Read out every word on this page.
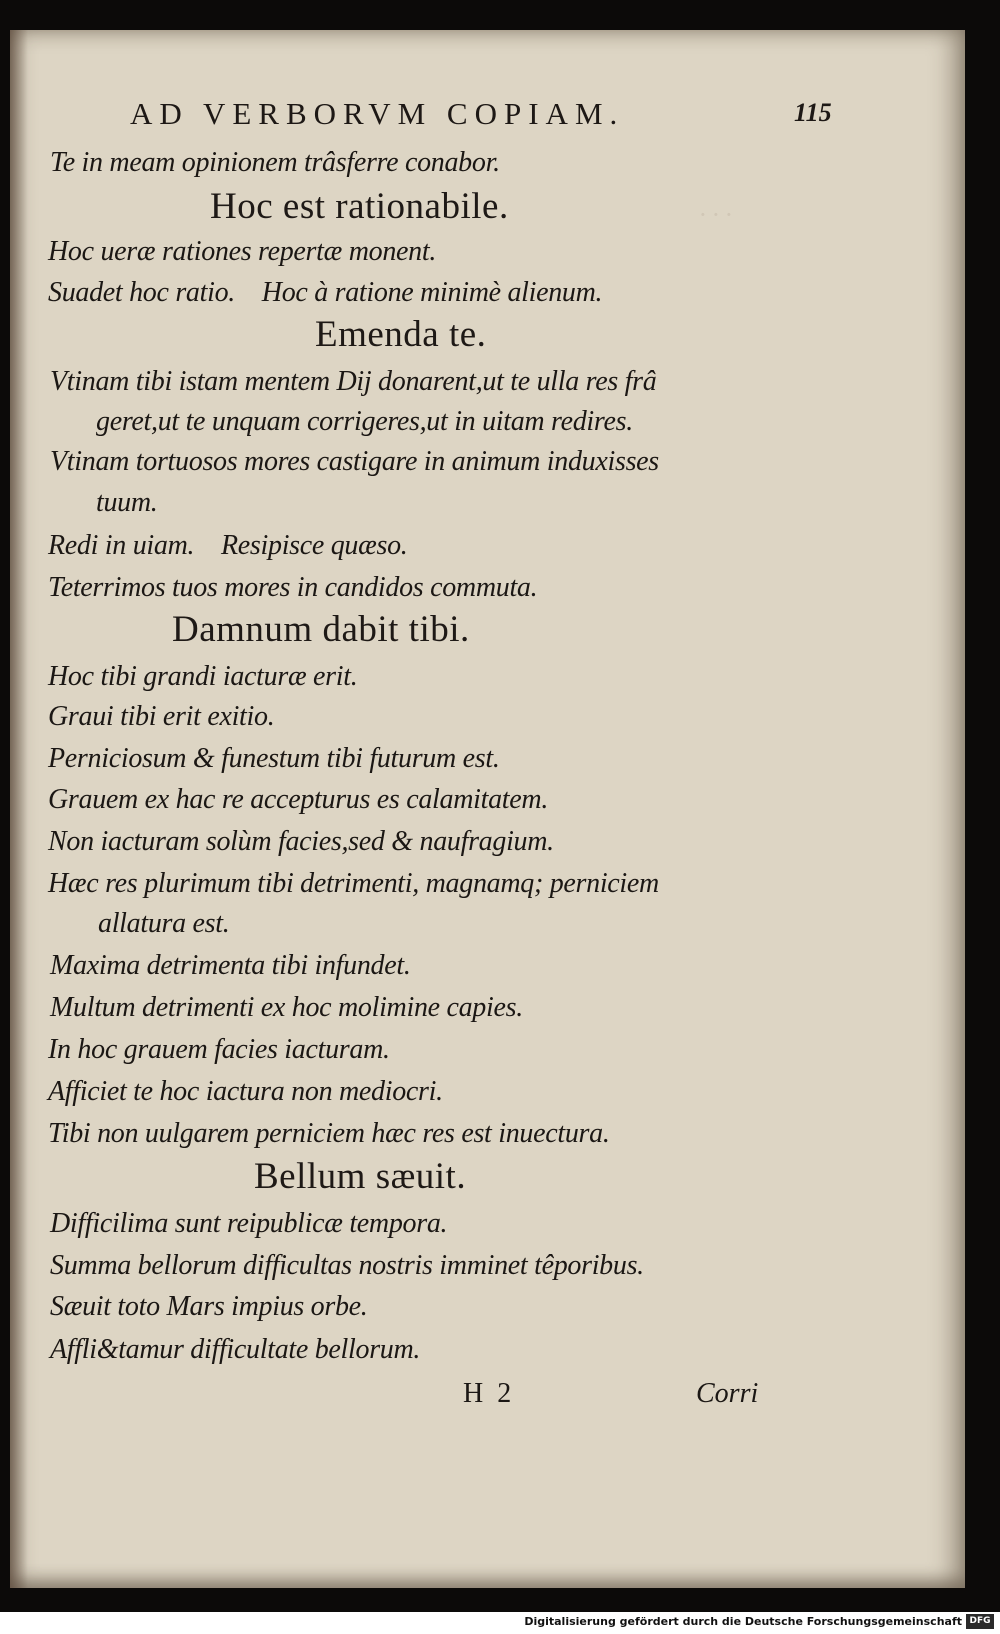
· · ·
AD VERBORVM COPIAM.	115
Te in meam opinionem trâsferre conabor.
Hoc est rationabile.
Hoc ueræ rationes repertæ monent.
Suadet hoc ratio.    Hoc à ratione minimè alienum.
Emenda te.
Vtinam tibi istam mentem Dij donarent,ut te ulla res frâ
geret,ut te unquam corrigeres,ut in uitam redires.
Vtinam tortuosos mores castigare in animum induxisses
tuum.
Redi in uiam.    Resipisce quæso.
Teterrimos tuos mores in candidos commuta.
Damnum dabit tibi.
Hoc tibi grandi iacturæ erit.
Graui tibi erit exitio.
Perniciosum & funestum tibi futurum est.
Grauem ex hac re accepturus es calamitatem.
Non iacturam solùm facies,sed & naufragium.
Hæc res plurimum tibi detrimenti, magnamq; perniciem
allatura est.
Maxima detrimenta tibi infundet.
Multum detrimenti ex hoc molimine capies.
In hoc grauem facies iacturam.
Afficiet te hoc iactura non mediocri.
Tibi non uulgarem perniciem hæc res est inuectura.
Bellum sæuit.
Difficilima sunt reipublicæ tempora.
Summa bellorum difficultas nostris imminet têporibus.
Sæuit toto Mars impius orbe.
Affli&tamur difficultate bellorum.
H  2	Corri
Digitalisierung gefördert durch die Deutsche Forschungsgemeinschaft DFG
